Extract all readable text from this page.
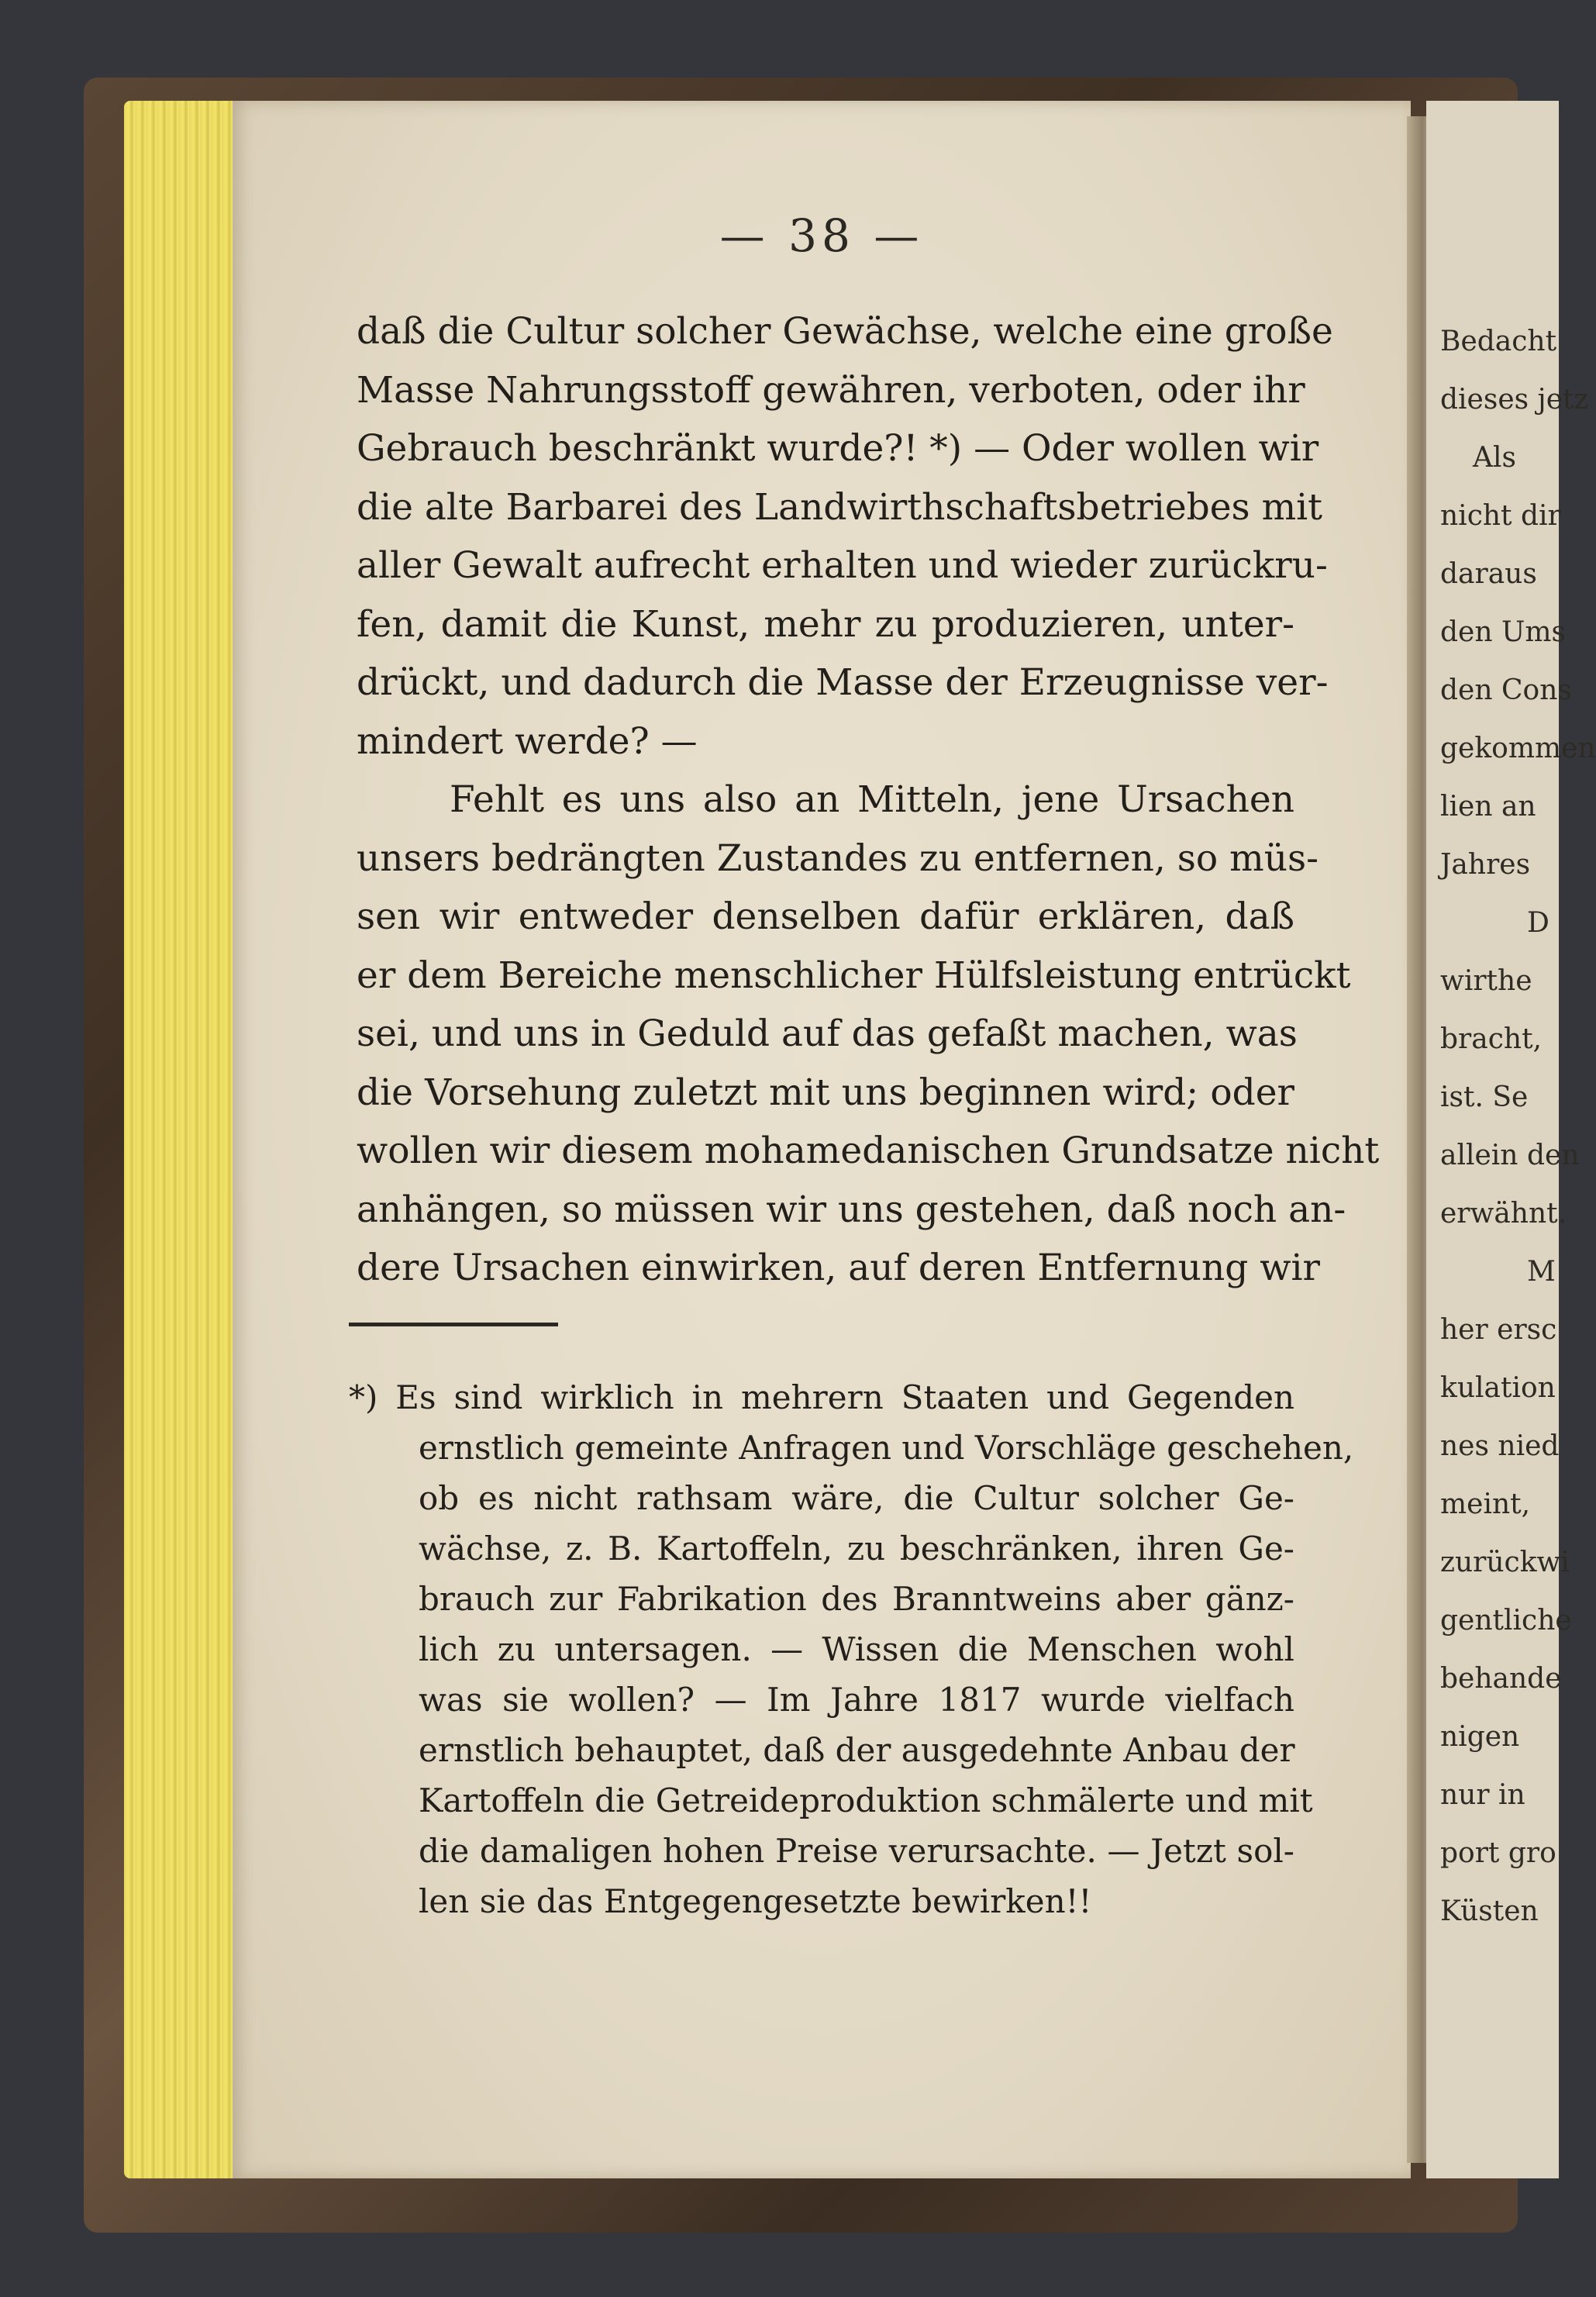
— 38 —
daß die Cultur solcher Gewächse, welche eine große
Masse Nahrungsstoff gewähren, verboten, oder ihr
Gebrauch beschränkt wurde?! *) — Oder wollen wir
die alte Barbarei des Landwirthschaftsbetriebes mit
aller Gewalt aufrecht erhalten und wieder zurückru-
fen, damit die Kunst, mehr zu produzieren, unter-
drückt, und dadurch die Masse der Erzeugnisse ver-
mindert werde? —
Fehlt es uns also an Mitteln, jene Ursachen
unsers bedrängten Zustandes zu entfernen, so müs-
sen wir entweder denselben dafür erklären, daß
er dem Bereiche menschlicher Hülfsleistung entrückt
sei, und uns in Geduld auf das gefaßt machen, was
die Vorsehung zuletzt mit uns beginnen wird; oder
wollen wir diesem mohamedanischen Grundsatze nicht
anhängen, so müssen wir uns gestehen, daß noch an-
dere Ursachen einwirken, auf deren Entfernung wir
*) Es sind wirklich in mehrern Staaten und Gegenden
ernstlich gemeinte Anfragen und Vorschläge geschehen,
ob es nicht rathsam wäre, die Cultur solcher Ge-
wächse, z. B. Kartoffeln, zu beschränken, ihren Ge-
brauch zur Fabrikation des Branntweins aber gänz-
lich zu untersagen. — Wissen die Menschen wohl
was sie wollen? — Im Jahre 1817 wurde vielfach
ernstlich behauptet, daß der ausgedehnte Anbau der
Kartoffeln die Getreideproduktion schmälerte und mit
die damaligen hohen Preise verursachte. — Jetzt sol-
len sie das Entgegengesetzte bewirken!!
Bedacht
dieses jetz
Als
nicht dir
daraus
den Ums
den Cons
gekommen
lien an
Jahres
D
wirthe
bracht,
ist. Se
allein den
erwähnt.
M
her ersc
kulation
nes nied
meint,
zurückwi
gentliche
behande
nigen
nur in
port gro
Küsten
